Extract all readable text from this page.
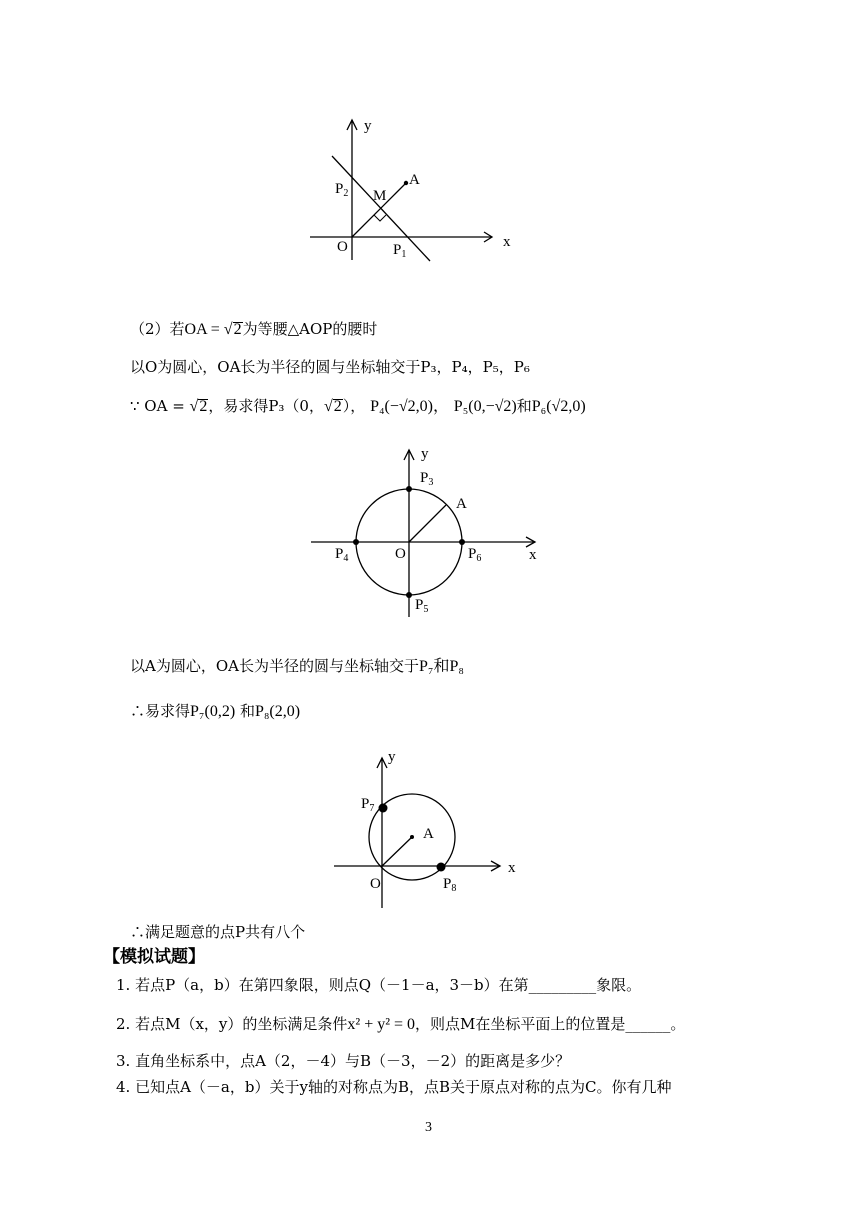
y
x
O
A
M
$P_2$
$P_1$
（2）若OA = √2为等腰△AOP的腰时
以O为圆心，OA长为半径的圆与坐标轴交于P₃，P₄，P₅，P₆
∵ OA = √2，易求得P₃（0，√2）， P₄(−√2,0)， P₅(0,−√2)和P₆(√2,0)
y
x
O
A
$P_3$
$P_4$	$P_6$
$P_5$
以A为圆心，OA长为半径的圆与坐标轴交于P₇和P₈
∴易求得P₇(0,2) 和P₈(2,0)
y
x
O
A
$P_7$
$P_8$
∴满足题意的点P共有八个
【模拟试题】
1. 若点P（a，b）在第四象限，则点Q（－1－a，3－b）在第_________象限。
2. 若点M（x，y）的坐标满足条件x² + y² = 0，则点M在坐标平面上的位置是______。
3. 直角坐标系中，点A（2，－4）与B（－3，－2）的距离是多少？
4. 已知点A（－a，b）关于y轴的对称点为B，点B关于原点对称的点为C。你有几种
3
